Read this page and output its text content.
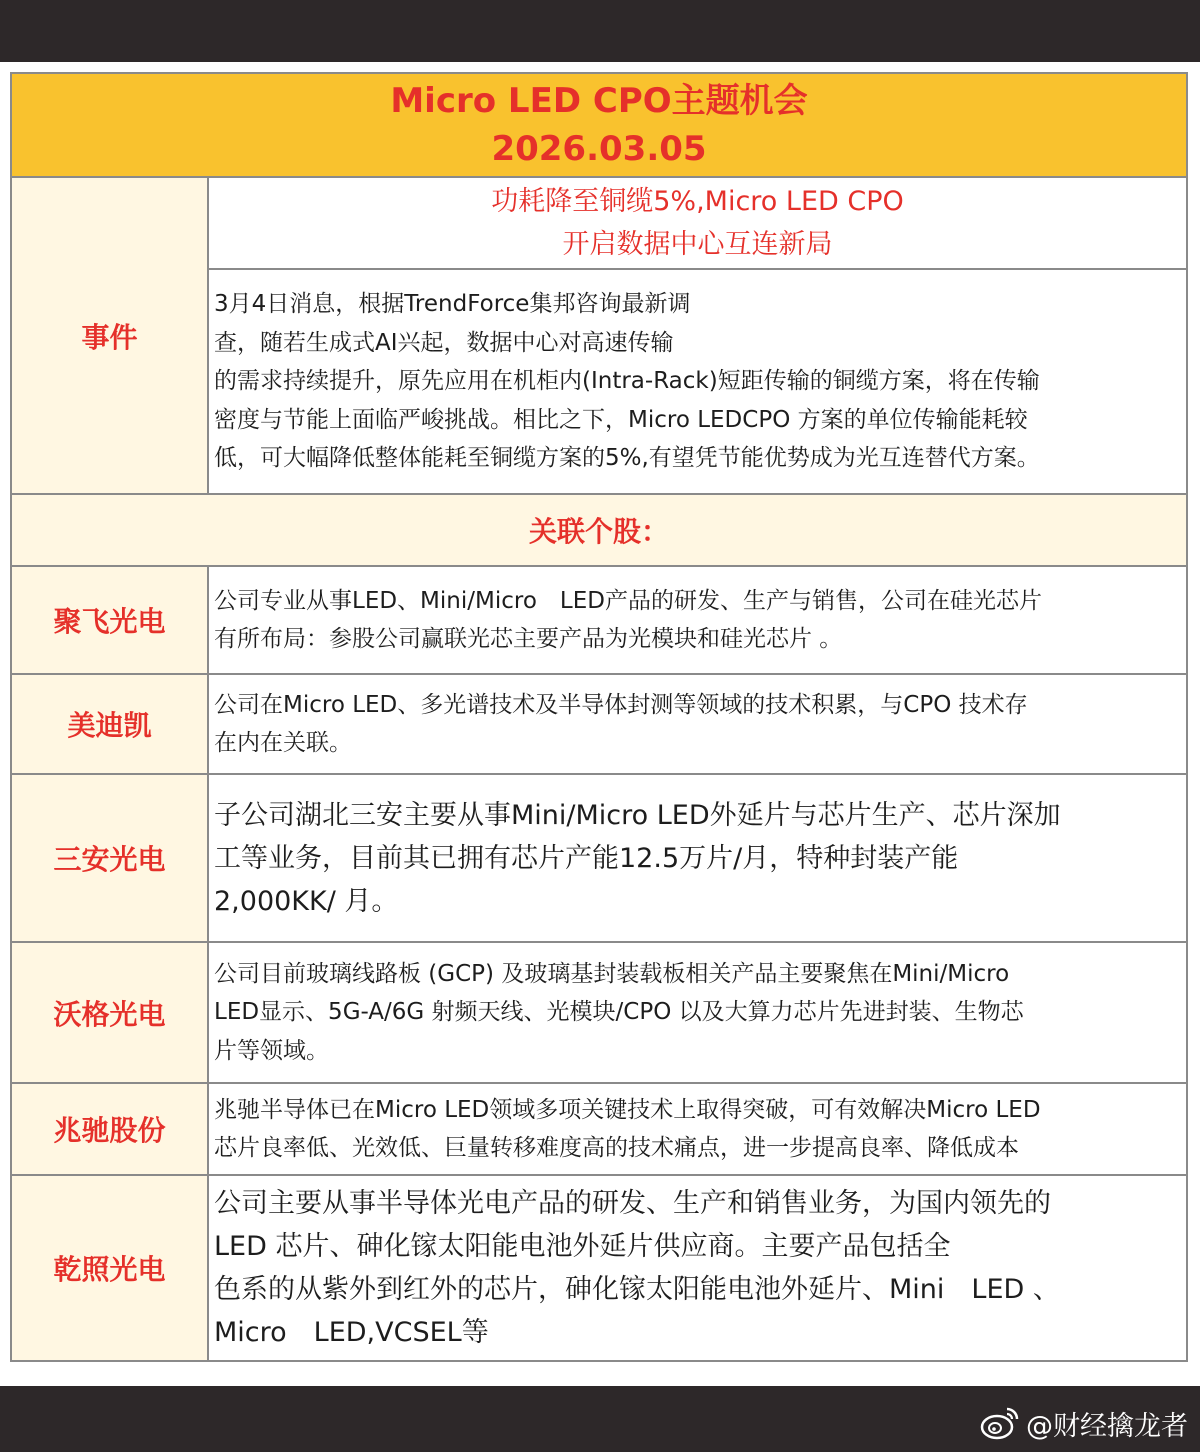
Micro LED CPO主题机会
2026.03.05	

事件	功耗降至铜缆5%,Micro LED CPO
开启数据中心互连新局

	3月4日消息，根据TrendForce集邦咨询最新调
查，随若生成式AI兴起，数据中心对高速传输
的需求持续提升，原先应用在机柜内(Intra-Rack)短距传输的铜缆方案，将在传输
密度与节能上面临严峻挑战。相比之下，Micro LEDCPO 方案的单位传输能耗较
低，可大幅降低整体能耗至铜缆方案的5%,有望凭节能优势成为光互连替代方案。

关联个股：	
聚飞光电	公司专业从事LED、Mini/Micro　LED产品的研发、生产与销售，公司在硅光芯片
有所布局：参股公司赢联光芯主要产品为光模块和硅光芯片 。

美迪凯	公司在Micro LED、多光谱技术及半导体封测等领域的技术积累，与CPO 技术存
在内在关联。

三安光电	子公司湖北三安主要从事Mini/Micro LED外延片与芯片生产、芯片深加
工等业务，目前其已拥有芯片产能12.5万片/月，特种封装产能
2,000KK/ 月。

沃格光电	公司目前玻璃线路板 (GCP) 及玻璃基封装载板相关产品主要聚焦在Mini/Micro
LED显示、5G-A/6G 射频天线、光模块/CPO 以及大算力芯片先进封装、生物芯
片等领域。

兆驰股份	兆驰半导体已在Micro LED领域多项关键技术上取得突破，可有效解决Micro LED
芯片良率低、光效低、巨量转移难度高的技术痛点，进一步提高良率、降低成本

乾照光电	公司主要从事半导体光电产品的研发、生产和销售业务，为国内领先的
LED 芯片、砷化镓太阳能电池外延片供应商。主要产品包括全
色系的从紫外到红外的芯片，砷化镓太阳能电池外延片、Mini　LED 、
Micro　LED,VCSEL等
@财经擒龙者
